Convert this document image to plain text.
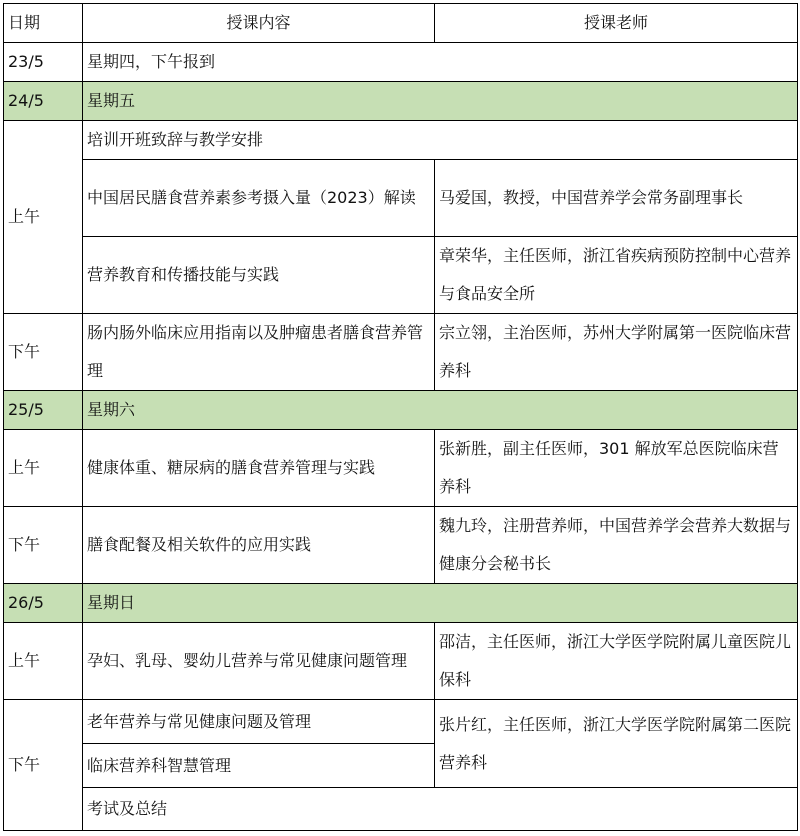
日期	授课内容	授课老师
23/5	星期四，下午报到	
24/5	星期五	
上午	培训开班致辞与教学安排	
	中国居民膳食营养素参考摄入量（2023）解读	马爱国，教授，中国营养学会常务副理事长
	营养教育和传播技能与实践	章荣华，主任医师，浙江省疾病预防控制中心营养与食品安全所
下午	肠内肠外临床应用指南以及肿瘤患者膳食营养管理	宗立翎，主治医师，苏州大学附属第一医院临床营养科
25/5	星期六	
上午	健康体重、糖尿病的膳食营养管理与实践	张新胜，副主任医师，301 解放军总医院临床营养科
下午	膳食配餐及相关软件的应用实践	魏九玲，注册营养师，中国营养学会营养大数据与健康分会秘书长
26/5	星期日	
上午	孕妇、乳母、婴幼儿营养与常见健康问题管理	邵洁，主任医师，浙江大学医学院附属儿童医院儿保科
下午	老年营养与常见健康问题及管理	张片红，主任医师，浙江大学医学院附属第二医院营养科
	临床营养科智慧管理	
	考试及总结	
